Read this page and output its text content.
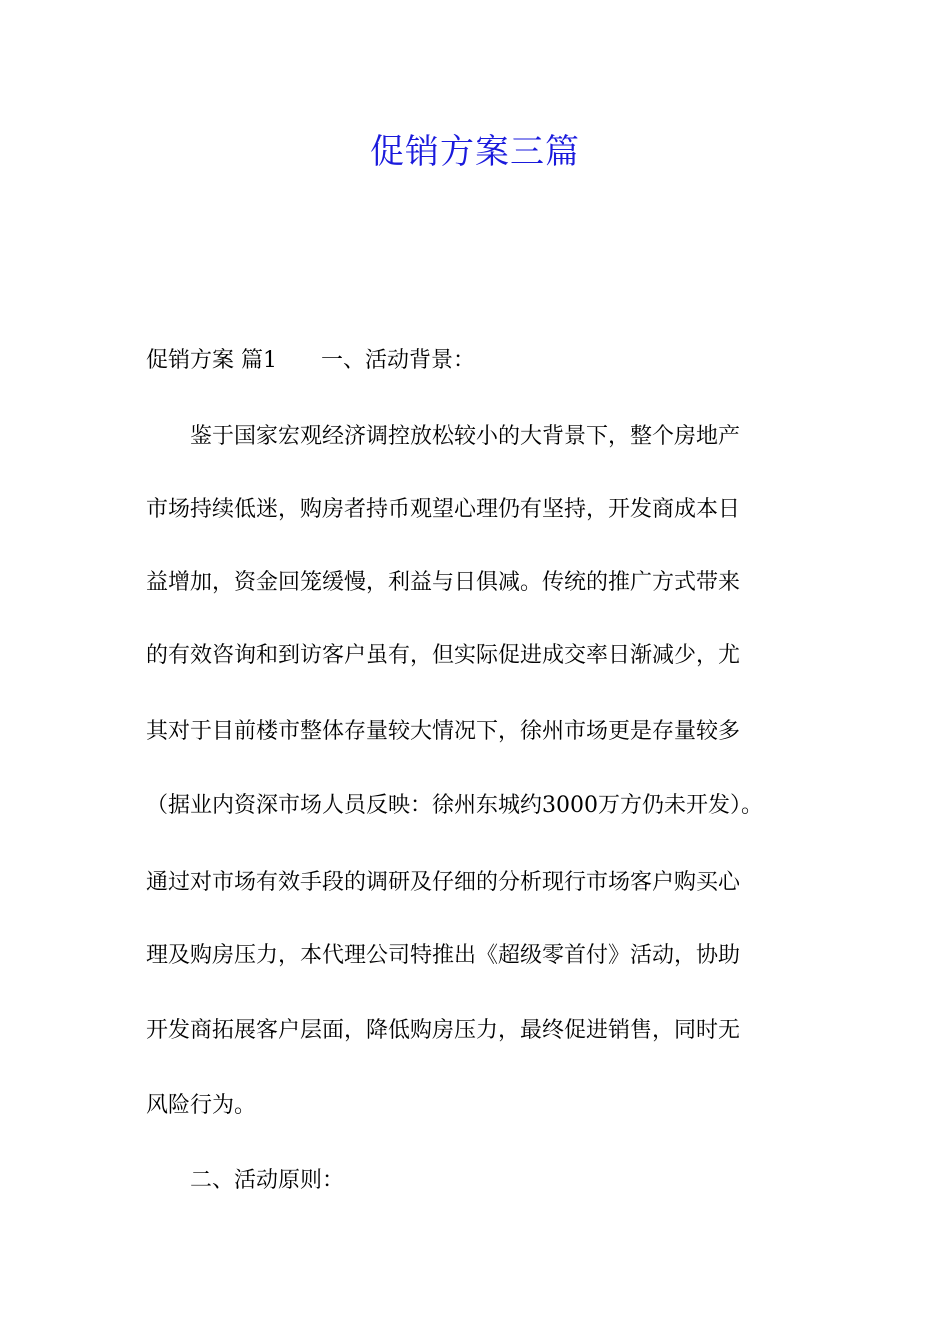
促销方案三篇
促销方案 篇1 一、活动背景：
　　鉴于国家宏观经济调控放松较小的大背景下，整个房地产
市场持续低迷，购房者持币观望心理仍有坚持，开发商成本日
益增加，资金回笼缓慢，利益与日俱减。传统的推广方式带来
的有效咨询和到访客户虽有，但实际促进成交率日渐减少，尤
其对于目前楼市整体存量较大情况下，徐州市场更是存量较多
（据业内资深市场人员反映：徐州东城约3000万方仍未开发）。
通过对市场有效手段的调研及仔细的分析现行市场客户购买心
理及购房压力，本代理公司特推出《超级零首付》活动，协助
开发商拓展客户层面，降低购房压力，最终促进销售，同时无
风险行为。
　　二、活动原则：
